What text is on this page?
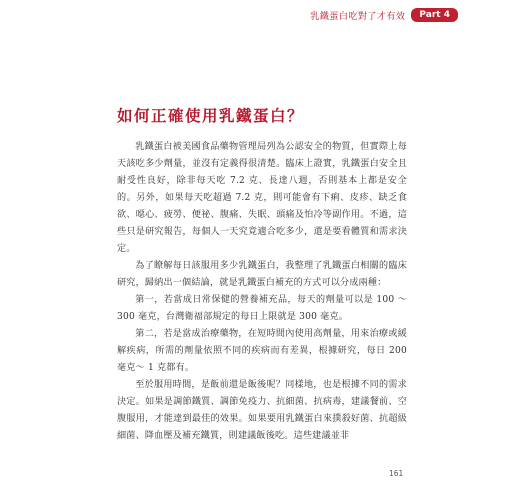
乳鐵蛋白吃對了才有效	Part 4
如何正確使用乳鐵蛋白？

乳鐵蛋白被美國食品藥物管理局列為公認安全的物質，但實際上每天該吃多少劑量，並沒有定義得很清楚。臨床上證實，乳鐵蛋白安全且耐受性良好，除非每天吃 7.2 克、長達八週，否則基本上都是安全的。另外，如果每天吃超過 7.2 克，則可能會有下痢、皮疹、缺乏食欲、噁心、疲勞、便祕、腹痛、失眠、頭痛及怕冷等副作用。不過，這些只是研究報告，每個人一天究竟適合吃多少，還是要看體質和需求決定。

為了瞭解每日該服用多少乳鐵蛋白，我整理了乳鐵蛋白相關的臨床研究，歸納出一個結論，就是乳鐵蛋白補充的方式可以分成兩種：

第一，若當成日常保健的營養補充品，每天的劑量可以是 100 ～ 300 毫克，台灣衛福部規定的每日上限就是 300 毫克。

第二，若是當成治療藥物，在短時間內使用高劑量，用來治療或緩解疾病，所需的劑量依照不同的疾病而有差異，根據研究，每日 200 毫克～ 1 克都有。

至於服用時間，是飯前還是飯後呢？同樣地，也是根據不同的需求決定。如果是調節鐵質、調節免疫力、抗細菌、抗病毒，建議餐前、空腹服用，才能達到最佳的效果。如果要用乳鐵蛋白來撲殺好菌、抗超級細菌、降血壓及補充鐵質，則建議飯後吃。這些建議並非

161
